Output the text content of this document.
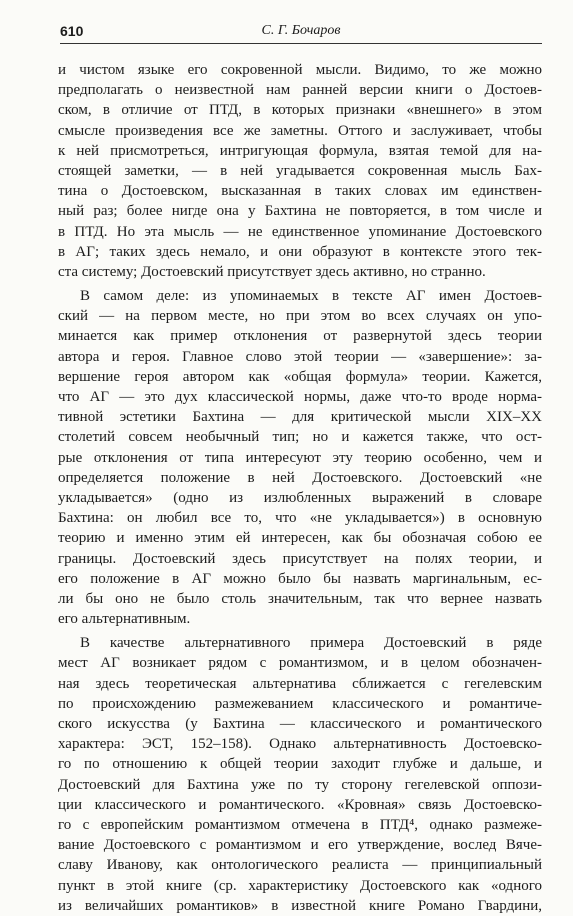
610	С. Г. Бочаров
и чистом языке его сокровенной мысли. Видимо, то же можно
предполагать о неизвестной нам ранней версии книги о Достоев-
ском, в отличие от ПТД, в которых признаки «внешнего» в этом
смысле произведения все же заметны. Оттого и заслуживает, чтобы
к ней присмотреться, интригующая формула, взятая темой для на-
стоящей заметки, — в ней угадывается сокровенная мысль Бах-
тина о Достоевском, высказанная в таких словах им единствен-
ный раз; более нигде она у Бахтина не повторяется, в том числе и
в ПТД. Но эта мысль — не единственное упоминание Достоевского
в АГ; таких здесь немало, и они образуют в контексте этого тек-
ста систему; Достоевский присутствует здесь активно, но странно.
В самом деле: из упоминаемых в тексте АГ имен Достоев-
ский — на первом месте, но при этом во всех случаях он упо-
минается как пример отклонения от развернутой здесь теории
автора и героя. Главное слово этой теории — «завершение»: за-
вершение героя автором как «общая формула» теории. Кажется,
что АГ — это дух классической нормы, даже что-то вроде норма-
тивной эстетики Бахтина — для критической мысли XIX–XX
столетий совсем необычный тип; но и кажется также, что ост-
рые отклонения от типа интересуют эту теорию особенно, чем и
определяется положение в ней Достоевского. Достоевский «не
укладывается» (одно из излюбленных выражений в словаре
Бахтина: он любил все то, что «не укладывается») в основную
теорию и именно этим ей интересен, как бы обозначая собою ее
границы. Достоевский здесь присутствует на полях теории, и
его положение в АГ можно было бы назвать маргинальным, ес-
ли бы оно не было столь значительным, так что вернее назвать
его альтернативным.
В качестве альтернативного примера Достоевский в ряде
мест АГ возникает рядом с романтизмом, и в целом обозначен-
ная здесь теоретическая альтернатива сближается с гегелевским
по происхождению размежеванием классического и романтиче-
ского искусства (у Бахтина — классического и романтического
характера: ЭСТ, 152–158). Однако альтернативность Достоевско-
го по отношению к общей теории заходит глубже и дальше, и
Достоевский для Бахтина уже по ту сторону гегелевской оппози-
ции классического и романтического. «Кровная» связь Достоевско-
го с европейским романтизмом отмечена в ПТД⁴, однако размеже-
вание Достоевского с романтизмом и его утверждение, вослед Вяче-
славу Иванову, как онтологического реалиста — принципиальный
пункт в этой книге (ср. характеристику Достоевского как «одного
из величайших романтиков» в известной книге Романо Гвардини,
